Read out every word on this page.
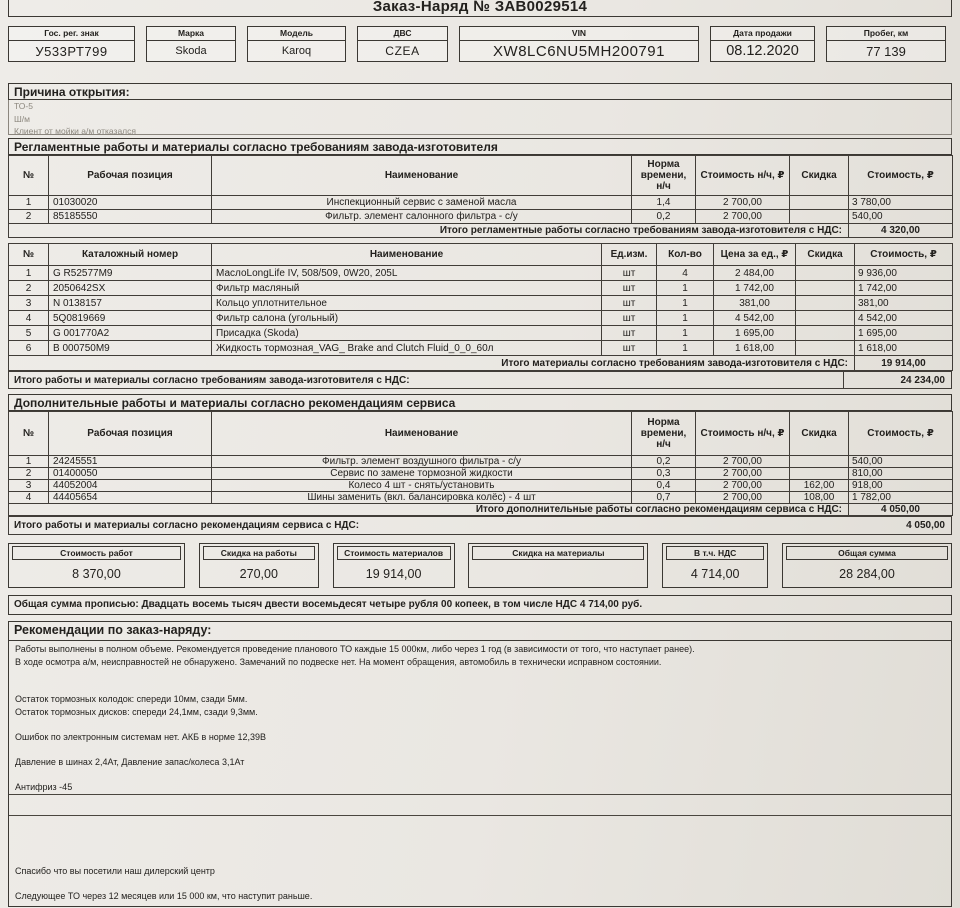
Заказ-Наряд № ЗАВ0029514
Гос. рег. знак
У533РТ799
Марка
Skoda
Модель
Karoq
ДВС
CZEA
VIN
XW8LC6NU5MH200791
Дата продажи
08.12.2020
Пробег, км
77 139
Причина открытия:
ТО-5
Ш/м
Клиент от мойки а/м отказался
Регламентные работы и материалы согласно требованиям завода-изготовителя
№	Рабочая позиция	Наименование	Норма времени, н/ч	Стоимость н/ч, ₽	Скидка	Стоимость, ₽
1	01030020	Инспекционный сервис с заменой масла	1,4	2 700,00		3 780,00
2	85185550	Фильтр. элемент салонного фильтра - с/у	0,2	2 700,00		540,00
Итого регламентные работы согласно требованиям завода-изготовителя с НДС:						4 320,00
№	Каталожный номер	Наименование	Ед.изм.	Кол-во	Цена за ед., ₽	Скидка	Стоимость, ₽
1	G R52577M9	МаслоLongLife IV, 508/509, 0W20, 205L	шт	4	2 484,00		9 936,00
2	2050642SX	Фильтр масляный	шт	1	1 742,00		1 742,00
3	N 0138157	Кольцо уплотнительное	шт	1	381,00		381,00
4	5Q0819669	Фильтр салона (угольный)	шт	1	4 542,00		4 542,00
5	G 001770A2	Присадка (Skoda)	шт	1	1 695,00		1 695,00
6	B 000750M9	Жидкость тормозная_VAG_ Brake and Clutch Fluid_0_0_60л	шт	1	1 618,00		1 618,00
Итого материалы согласно требованиям завода-изготовителя с НДС:							19 914,00
Итого работы и материалы согласно требованиям завода-изготовителя с НДС:	24 234,00
Дополнительные работы и материалы согласно рекомендациям сервиса
№	Рабочая позиция	Наименование	Норма времени, н/ч	Стоимость н/ч, ₽	Скидка	Стоимость, ₽
1	24245551	Фильтр. элемент воздушного фильтра - с/у	0,2	2 700,00		540,00
2	01400050	Сервис по замене тормозной жидкости	0,3	2 700,00		810,00
3	44052004	Колесо 4 шт - снять/установить	0,4	2 700,00	162,00	918,00
4	44405654	Шины заменить (вкл. балансировка колёс) - 4 шт	0,7	2 700,00	108,00	1 782,00
Итого дополнительные работы согласно рекомендациям сервиса с НДС:						4 050,00
Итого работы и материалы согласно рекомендациям сервиса с НДС:	4 050,00
Стоимость работ
8 370,00
Скидка на работы
270,00
Стоимость материалов
19 914,00
Скидка на материалы	В т.ч. НДС
4 714,00
Общая сумма
28 284,00
Общая сумма прописью: Двадцать восемь тысяч двести восемьдесят четыре рубля 00 копеек, в том числе НДС 4 714,00 руб.
Рекомендации по заказ-наряду:
Работы выполнены в полном объеме. Рекомендуется проведение планового ТО каждые 15 000км, либо через 1 год (в зависимости от того, что наступает ранее).
В ходе осмотра а/м, неисправностей не обнаружено. Замечаний по подвеске нет. На момент обращения, автомобиль в технически исправном состоянии.
Остаток тормозных колодок: спереди 10мм, сзади 5мм.
Остаток тормозных дисков: спереди 24,1мм, сзади 9,3мм.
Ошибок по электронным системам нет. АКБ в норме 12,39В
Давление в шинах 2,4Ат, Давление запас/колеса 3,1Ат
Антифриз -45
Спасибо что вы посетили наш дилерский центр
Следующее ТО через 12 месяцев или 15 000 км, что наступит раньше.
